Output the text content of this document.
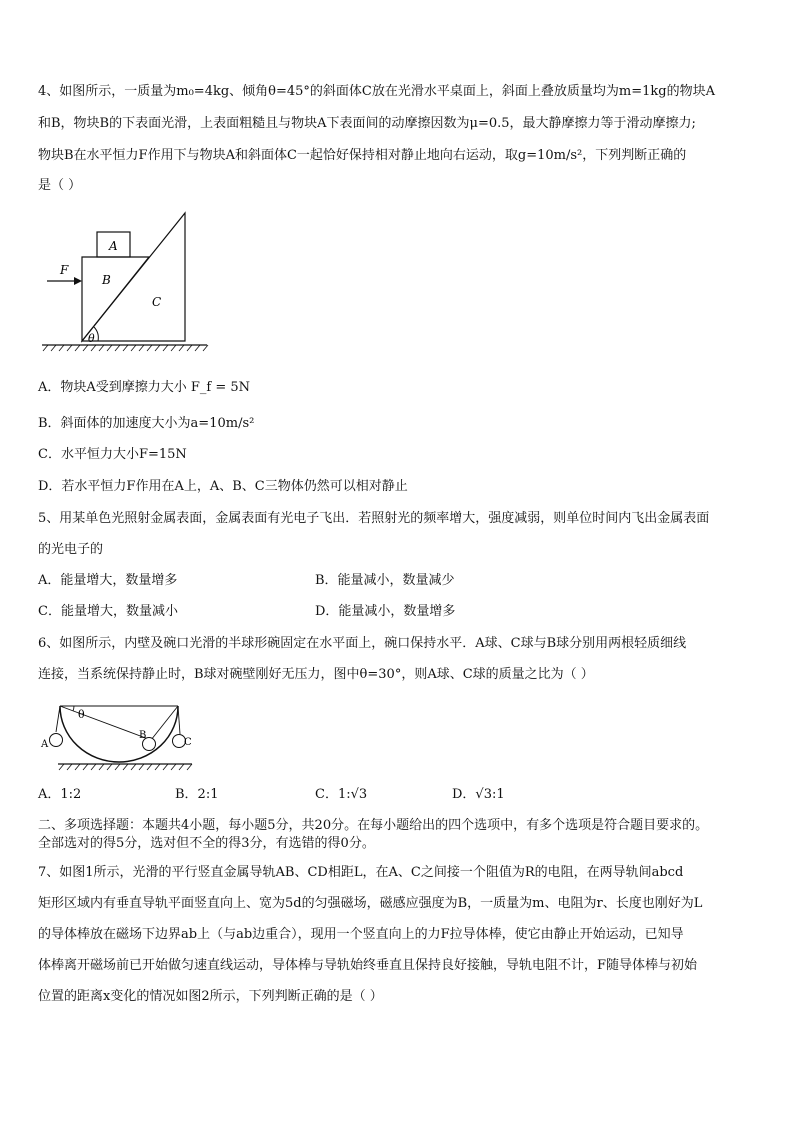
4、如图所示，一质量为m₀=4kg、倾角θ=45°的斜面体C放在光滑水平桌面上，斜面上叠放质量均为m=1kg的物块A
和B，物块B的下表面光滑，上表面粗糙且与物块A下表面间的动摩擦因数为μ=0.5，最大静摩擦力等于滑动摩擦力;
物块B在水平恒力F作用下与物块A和斜面体C一起恰好保持相对静止地向右运动，取g=10m/s²，下列判断正确的
是（ ）
A
B
C
F
θ
A．物块A受到摩擦力大小 F_f = 5N
B．斜面体的加速度大小为a=10m/s²
C．水平恒力大小F=15N
D．若水平恒力F作用在A上，A、B、C三物体仍然可以相对静止
5、用某单色光照射金属表面，金属表面有光电子飞出．若照射光的频率增大，强度减弱，则单位时间内飞出金属表面
的光电子的
A．能量增大，数量增多	B．能量减小，数量减少
C．能量增大，数量减小	D．能量减小，数量增多
6、如图所示，内壁及碗口光滑的半球形碗固定在水平面上，碗口保持水平．A球、C球与B球分别用两根轻质细线
连接，当系统保持静止时，B球对碗壁刚好无压力，图中θ=30°，则A球、C球的质量之比为（ ）
A
B
C
θ
A．1:2	B．2:1	C．1:√3	D．√3:1
二、多项选择题：本题共4小题，每小题5分，共20分。在每小题给出的四个选项中，有多个选项是符合题目要求的。
全部选对的得5分，选对但不全的得3分，有选错的得0分。
7、如图1所示，光滑的平行竖直金属导轨AB、CD相距L，在A、C之间接一个阻值为R的电阻，在两导轨间abcd
矩形区域内有垂直导轨平面竖直向上、宽为5d的匀强磁场，磁感应强度为B，一质量为m、电阻为r、长度也刚好为L
的导体棒放在磁场下边界ab上（与ab边重合），现用一个竖直向上的力F拉导体棒，使它由静止开始运动，已知导
体棒离开磁场前已开始做匀速直线运动，导体棒与导轨始终垂直且保持良好接触，导轨电阻不计，F随导体棒与初始
位置的距离x变化的情况如图2所示，下列判断正确的是（ ）
